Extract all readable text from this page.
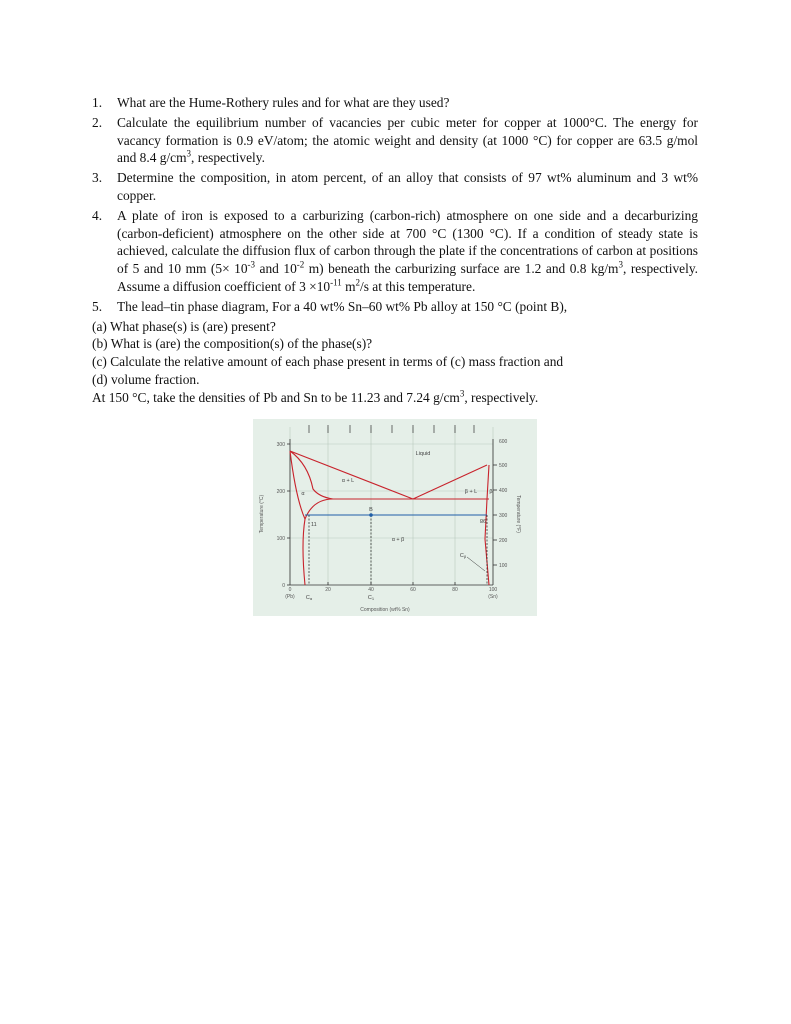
1.	What are the Hume-Rothery rules and for what are they used?
2.	Calculate the equilibrium number of vacancies per cubic meter for copper at 1000°C. The energy for vacancy formation is 0.9 eV/atom; the atomic weight and density (at 1000 °C) for copper are 63.5 g/mol and 8.4 $g/cm^3$, respectively.
3.	Determine the composition, in atom percent, of an alloy that consists of 97 wt% aluminum and 3 wt% copper.
4.	A plate of iron is exposed to a carburizing (carbon-rich) atmosphere on one side and a decarburizing (carbon-deficient) atmosphere on the other side at 700 °C (1300 °C). If a condition of steady state is achieved, calculate the diffusion flux of carbon through the plate if the concentrations of carbon at positions of 5 and 10 mm ($5\times 10^{-3}$ and $10^{-2}$ m) beneath the carburizing surface are 1.2 and 0.8 $kg/m^3$, respectively. Assume a diffusion coefficient of $3 \times 10^{-11}$ $m^2/s$ at this temperature.
5.	The lead–tin phase diagram, For a 40 wt% Sn–60 wt% Pb alloy at 150 °C (point B),
(a) What phase(s) is (are) present?
(b) What is (are) the composition(s) of the phase(s)?
(c) Calculate the relative amount of each phase present in terms of (c) mass fraction and
(d) volume fraction.
At 150 °C, take the densities of Pb and Sn to be 11.23 and 7.24 $g/cm^3$, respectively.
300
200
100
0
600
500
400
300
200
100
0	20	40	60	80	100
(Pb)	(Sn)
Temperature (°C)	Temperature (°F)
Composition (wt% Sn)
Liquid
α + L
β + L
α	β
α + β
B
11
98
Cα	C1
Cβ
